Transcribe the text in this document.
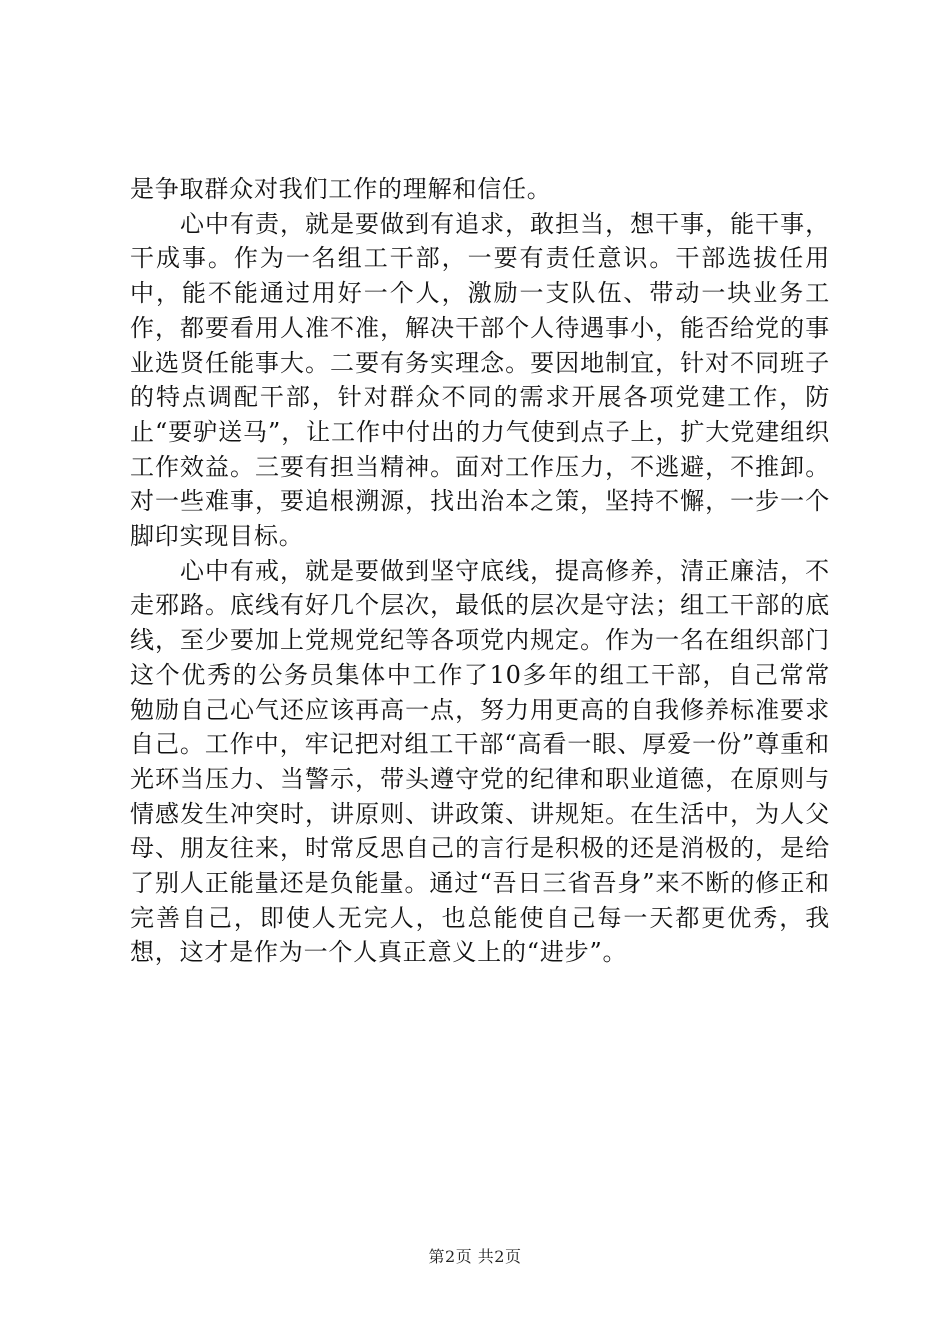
是争取群众对我们工作的理解和信任。

心中有责，就是要做到有追求，敢担当，想干事，能干事，干成事。作为一名组工干部，一要有责任意识。干部选拔任用中，能不能通过用好一个人，激励一支队伍、带动一块业务工作，都要看用人准不准，解决干部个人待遇事小，能否给党的事业选贤任能事大。二要有务实理念。要因地制宜，针对不同班子的特点调配干部，针对群众不同的需求开展各项党建工作，防止“要驴送马”，让工作中付出的力气使到点子上，扩大党建组织工作效益。三要有担当精神。面对工作压力，不逃避，不推卸。对一些难事，要追根溯源，找出治本之策，坚持不懈，一步一个脚印实现目标。

心中有戒，就是要做到坚守底线，提高修养，清正廉洁，不走邪路。底线有好几个层次，最低的层次是守法；组工干部的底线，至少要加上党规党纪等各项党内规定。作为一名在组织部门这个优秀的公务员集体中工作了10多年的组工干部，自己常常勉励自己心气还应该再高一点，努力用更高的自我修养标准要求自己。工作中，牢记把对组工干部“高看一眼、厚爱一份”尊重和光环当压力、当警示，带头遵守党的纪律和职业道德，在原则与情感发生冲突时，讲原则、讲政策、讲规矩。在生活中，为人父母、朋友往来，时常反思自己的言行是积极的还是消极的，是给了别人正能量还是负能量。通过“吾日三省吾身”来不断的修正和完善自己，即使人无完人，也总能使自己每一天都更优秀，我想，这才是作为一个人真正意义上的“进步”。

第2页 共2页
